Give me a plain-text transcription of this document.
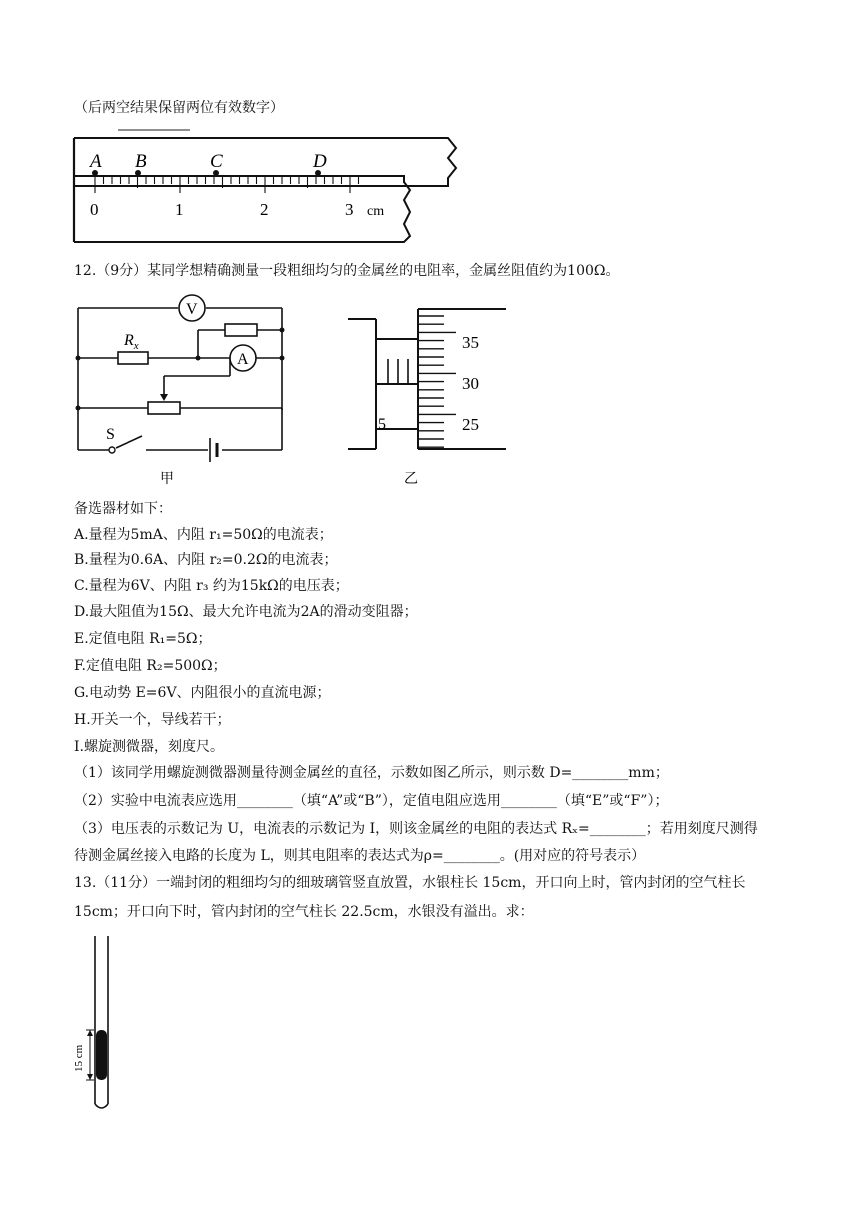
（后两空结果保留两位有效数字）
A B	C	D
0	1	2	3 cm
12.（9分）某同学想精确测量一段粗细均匀的金属丝的电阻率，金属丝阻值约为100Ω。
V
A
$R_x$
S
甲
5
35
30
25
乙
备选器材如下：
A.量程为5mA、内阻 r₁=50Ω的电流表；
B.量程为0.6A、内阻 r₂=0.2Ω的电流表；
C.量程为6V、内阻 r₃ 约为15kΩ的电压表；
D.最大阻值为15Ω、最大允许电流为2A的滑动变阻器；
E.定值电阻 R₁=5Ω；
F.定值电阻 R₂=500Ω；
G.电动势 E=6V、内阻很小的直流电源；
H.开关一个，导线若干；
I.螺旋测微器，刻度尺。
（1）该同学用螺旋测微器测量待测金属丝的直径，示数如图乙所示，则示数 D=________mm；
（2）实验中电流表应选用________（填“A”或“B”），定值电阻应选用________（填“E”或“F”）；
（3）电压表的示数记为 U，电流表的示数记为 I，则该金属丝的电阻的表达式 Rₓ=________；若用刻度尺测得
待测金属丝接入电路的长度为 L，则其电阻率的表达式为ρ=________。(用对应的符号表示）
13.（11分）一端封闭的粗细均匀的细玻璃管竖直放置，水银柱长 15cm，开口向上时，管内封闭的空气柱长
15cm；开口向下时，管内封闭的空气柱长 22.5cm，水银没有溢出。求：
15 cm
